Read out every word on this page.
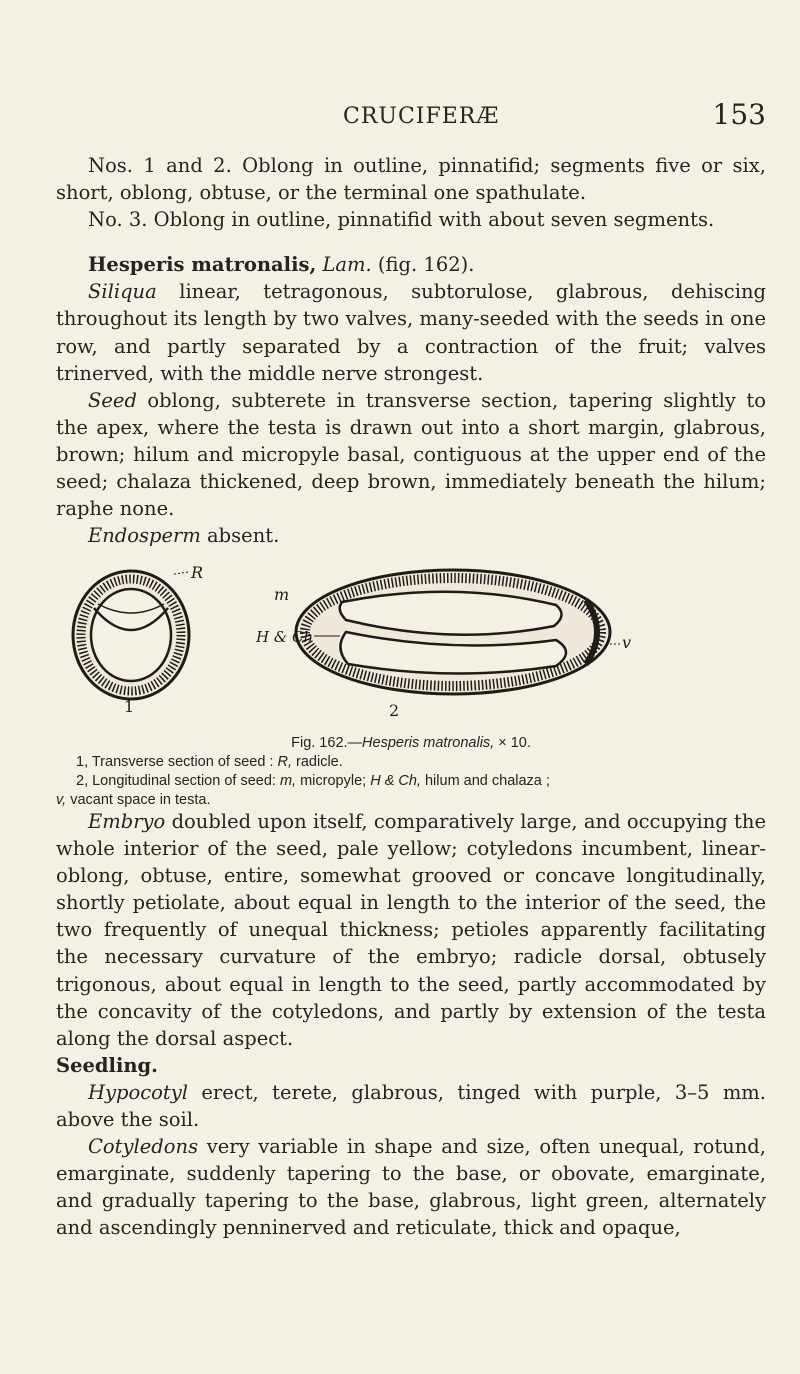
CRUCIFERÆ	153

Nos. 1 and 2. Oblong in outline, pinnatifid; segments five or six, short, oblong, obtuse, or the terminal one spathulate.

No. 3. Oblong in outline, pinnatifid with about seven segments.

Hesperis matronalis, Lam. (fig. 162).

Siliqua linear, tetragonous, subtorulose, glabrous, dehiscing throughout its length by two valves, many-seeded with the seeds in one row, and partly separated by a contraction of the fruit; valves trinerved, with the middle nerve strongest.

Seed oblong, subterete in transverse section, tapering slightly to the apex, where the testa is drawn out into a short margin, glabrous, brown; hilum and micropyle basal, contiguous at the upper end of the seed; chalaza thickened, deep brown, immediately beneath the hilum; raphe none.

Endosperm absent.

R
1
m
H & Ch	v
2
Fig. 162.—Hesperis matronalis, × 10.
1, Transverse section of seed : R, radicle.
2, Longitudinal section of seed: m, micropyle; H & Ch, hilum and chalaza ;
v, vacant space in testa.

Embryo doubled upon itself, comparatively large, and occupying the whole interior of the seed, pale yellow; cotyledons incumbent, linear-oblong, obtuse, entire, somewhat grooved or concave longitudinally, shortly petiolate, about equal in length to the interior of the seed, the two frequently of unequal thickness; petioles apparently facilitating the necessary curvature of the embryo; radicle dorsal, obtusely trigonous, about equal in length to the seed, partly accommodated by the concavity of the cotyledons, and partly by extension of the testa along the dorsal aspect.

Seedling.

Hypocotyl erect, terete, glabrous, tinged with purple, 3–5 mm. above the soil.

Cotyledons very variable in shape and size, often unequal, rotund, emarginate, suddenly tapering to the base, or obovate, emarginate, and gradually tapering to the base, glabrous, light green, alternately and ascendingly penninerved and reticulate, thick and opaque,
